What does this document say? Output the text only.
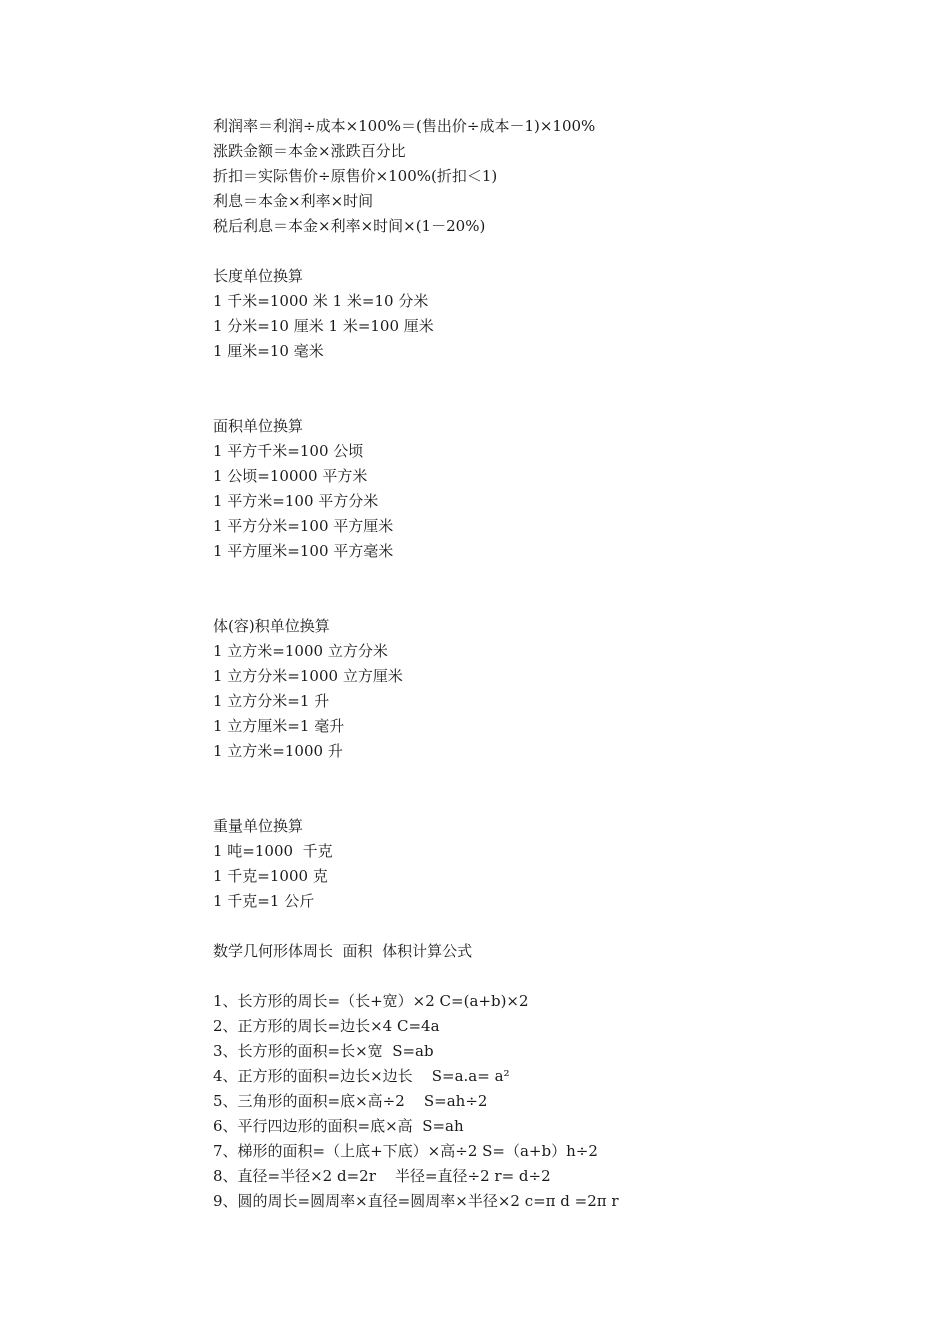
利润率＝利润÷成本×100%＝(售出价÷成本－1)×100%

涨跌金额＝本金×涨跌百分比

折扣＝实际售价÷原售价×100%(折扣＜1)

利息＝本金×利率×时间

税后利息＝本金×利率×时间×(1－20%)

长度单位换算

1 千米=1000 米 1 米=10 分米

1 分米=10 厘米 1 米=100 厘米

1 厘米=10 毫米

面积单位换算

1 平方千米=100 公顷

1 公顷=10000 平方米

1 平方米=100 平方分米

1 平方分米=100 平方厘米

1 平方厘米=100 平方毫米

体(容)积单位换算

1 立方米=1000 立方分米

1 立方分米=1000 立方厘米

1 立方分米=1 升

1 立方厘米=1 毫升

1 立方米=1000 升

重量单位换算

1 吨=1000  千克

1 千克=1000 克

1 千克=1 公斤

数学几何形体周长  面积  体积计算公式

1、长方形的周长=（长+宽）×2 C=(a+b)×2

2、正方形的周长=边长×4 C=4a

3、长方形的面积=长×宽  S=ab

4、正方形的面积=边长×边长    S=a.a= a²

5、三角形的面积=底×高÷2    S=ah÷2

6、平行四边形的面积=底×高  S=ah

7、梯形的面积=（上底+下底）×高÷2 S=（a+b）h÷2

8、直径=半径×2 d=2r    半径=直径÷2 r= d÷2

9、圆的周长=圆周率×直径=圆周率×半径×2 c=π d =2π r
